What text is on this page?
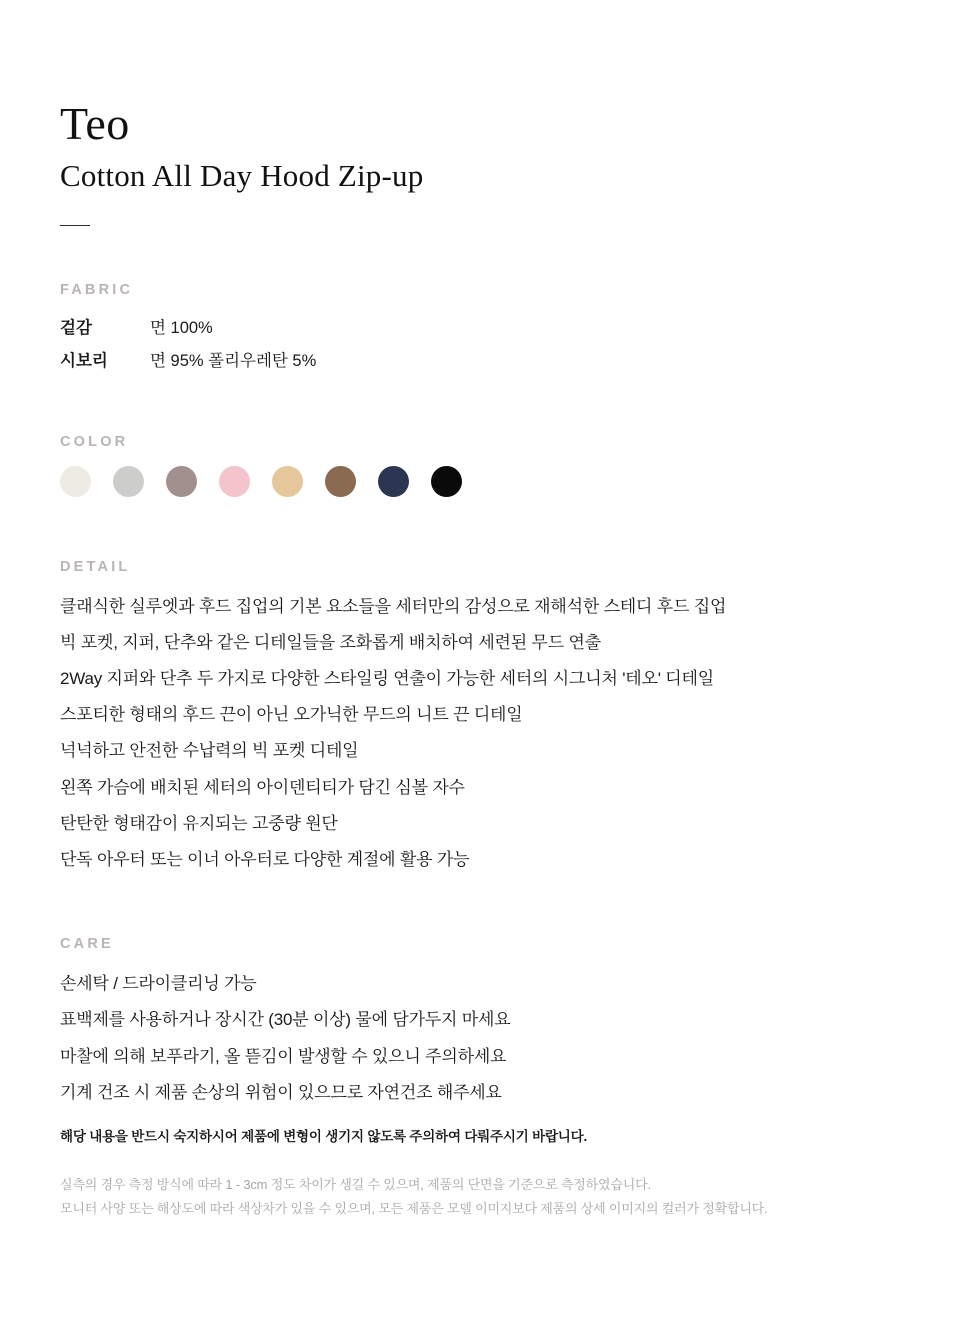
Teo
Cotton All Day Hood Zip-up
FABRIC
겉감	면 100%
시보리	면 95% 폴리우레탄 5%
COLOR
DETAIL
클래식한 실루엣과 후드 집업의 기본 요소들을 세터만의 감성으로 재해석한 스테디 후드 집업
빅 포켓, 지퍼, 단추와 같은 디테일들을 조화롭게 배치하여 세련된 무드 연출
2Way 지퍼와 단추 두 가지로 다양한 스타일링 연출이 가능한 세터의 시그니처 '테오' 디테일
스포티한 형태의 후드 끈이 아닌 오가닉한 무드의 니트 끈 디테일
넉넉하고 안전한 수납력의 빅 포켓 디테일
왼쪽 가슴에 배치된 세터의 아이덴티티가 담긴 심볼 자수
탄탄한 형태감이 유지되는 고중량 원단
단독 아우터 또는 이너 아우터로 다양한 계절에 활용 가능
CARE
손세탁 / 드라이클리닝 가능
표백제를 사용하거나 장시간 (30분 이상) 물에 담가두지 마세요
마찰에 의해 보푸라기, 올 뜯김이 발생할 수 있으니 주의하세요
기계 건조 시 제품 손상의 위험이 있으므로 자연건조 해주세요
해당 내용을 반드시 숙지하시어 제품에 변형이 생기지 않도록 주의하여 다뤄주시기 바랍니다.

실측의 경우 측정 방식에 따라 1 - 3cm 정도 차이가 생길 수 있으며, 제품의 단면을 기준으로 측정하였습니다.

모니터 사양 또는 해상도에 따라 색상차가 있을 수 있으며, 모든 제품은 모델 이미지보다 제품의 상세 이미지의 컬러가 정확합니다.
